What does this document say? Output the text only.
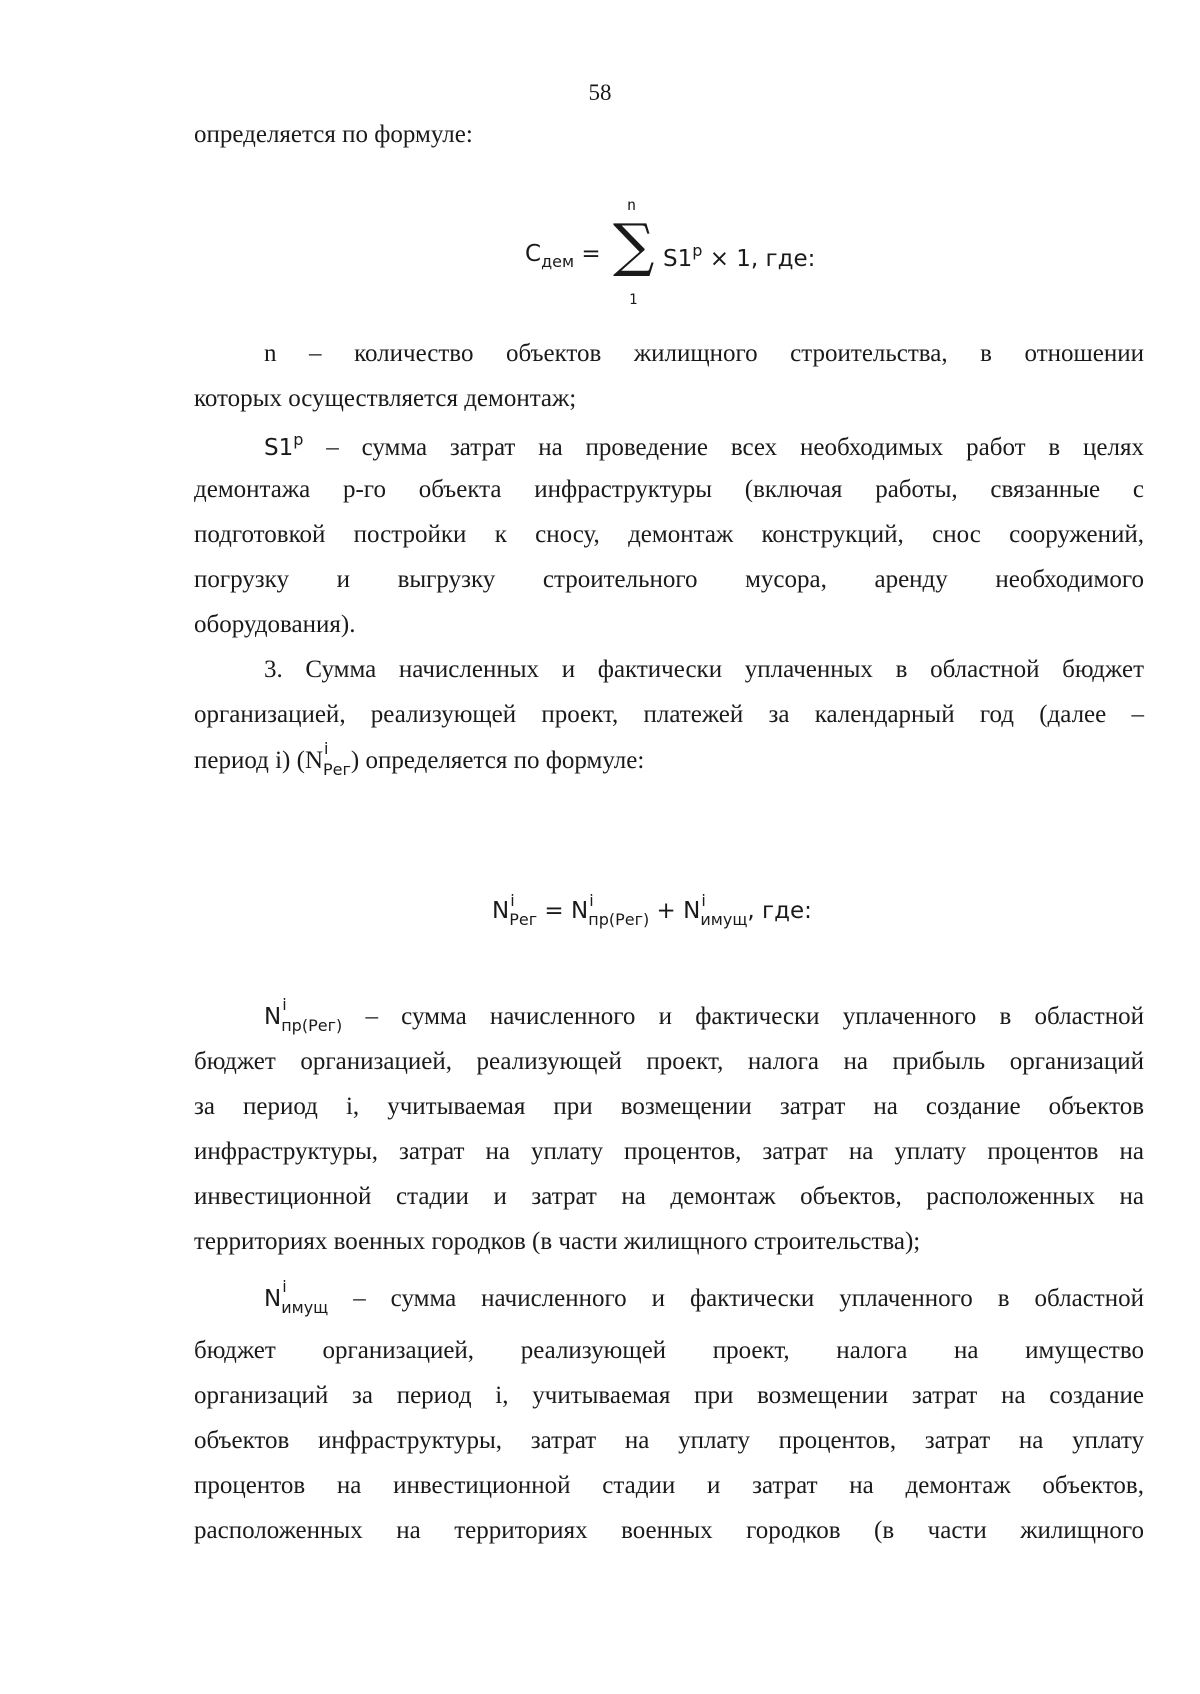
58
определяется по формуле:
$C_{дем}$ =
n
∑
1
$S1^p \times 1$, где:
n – количество объектов жилищного строительства, в отношении
которых осуществляется демонтаж;
S1$^p$ – сумма затрат на проведение всех необходимых работ в целях
демонтажа р-го объекта инфраструктуры (включая работы, связанные с
подготовкой постройки к сносу, демонтаж конструкций, снос сооружений,
погрузку и выгрузку строительного мусора, аренду необходимого
оборудования).
3. Сумма начисленных и фактически уплаченных в областной бюджет
организацией, реализующей проект, платежей за календарный год (далее –
период i) (N i
Рег) определяется по формуле:
N i
Рег = N i
пр(Рег) + N i
имущ, где:
N i
пр(Рег) – сумма начисленного и фактически уплаченного в областной
бюджет организацией, реализующей проект, налога на прибыль организаций
за период i, учитываемая при возмещении затрат на создание объектов
инфраструктуры, затрат на уплату процентов, затрат на уплату процентов на
инвестиционной стадии и затрат на демонтаж объектов, расположенных на
территориях военных городков (в части жилищного строительства);
N i
имущ – сумма начисленного и фактически уплаченного в областной
бюджет организацией, реализующей проект, налога на имущество
организаций за период i, учитываемая при возмещении затрат на создание
объектов инфраструктуры, затрат на уплату процентов, затрат на уплату
процентов на инвестиционной стадии и затрат на демонтаж объектов,
расположенных на территориях военных городков (в части жилищного
